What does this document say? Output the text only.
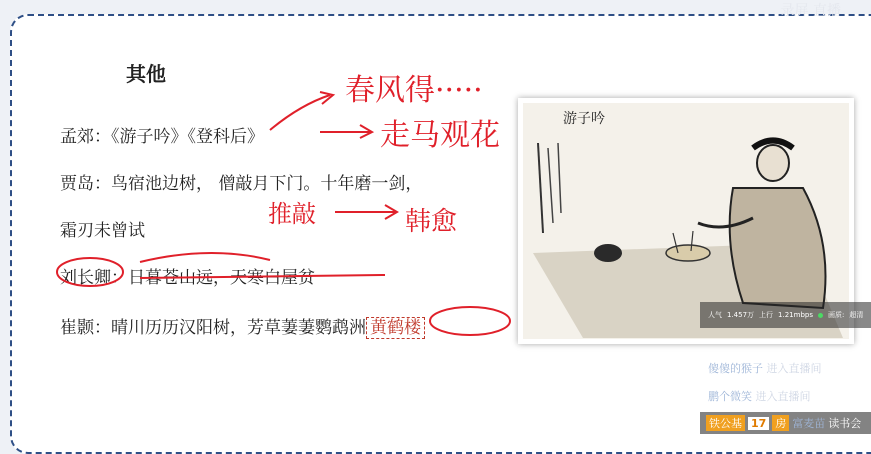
录屏 直播
其他
孟郊：《游子吟》《登科后》
贾岛：鸟宿池边树， 僧敲月下门。十年磨一剑，
霜刃未曾试
刘长卿：日暮苍山远，天寒白屋贫
崔颢：晴川历历汉阳树，芳草萋萋鹦鹉洲 黄鹤楼
游子吟
春风得·····
走马观花
推敲	韩愈
人气 1.457万 上行 1.21mbps 画质: 超清
傻傻的猴子 进入直播间
鹏个微笑 进入直播间
铁公基 17 房 富麦苗 读书会
